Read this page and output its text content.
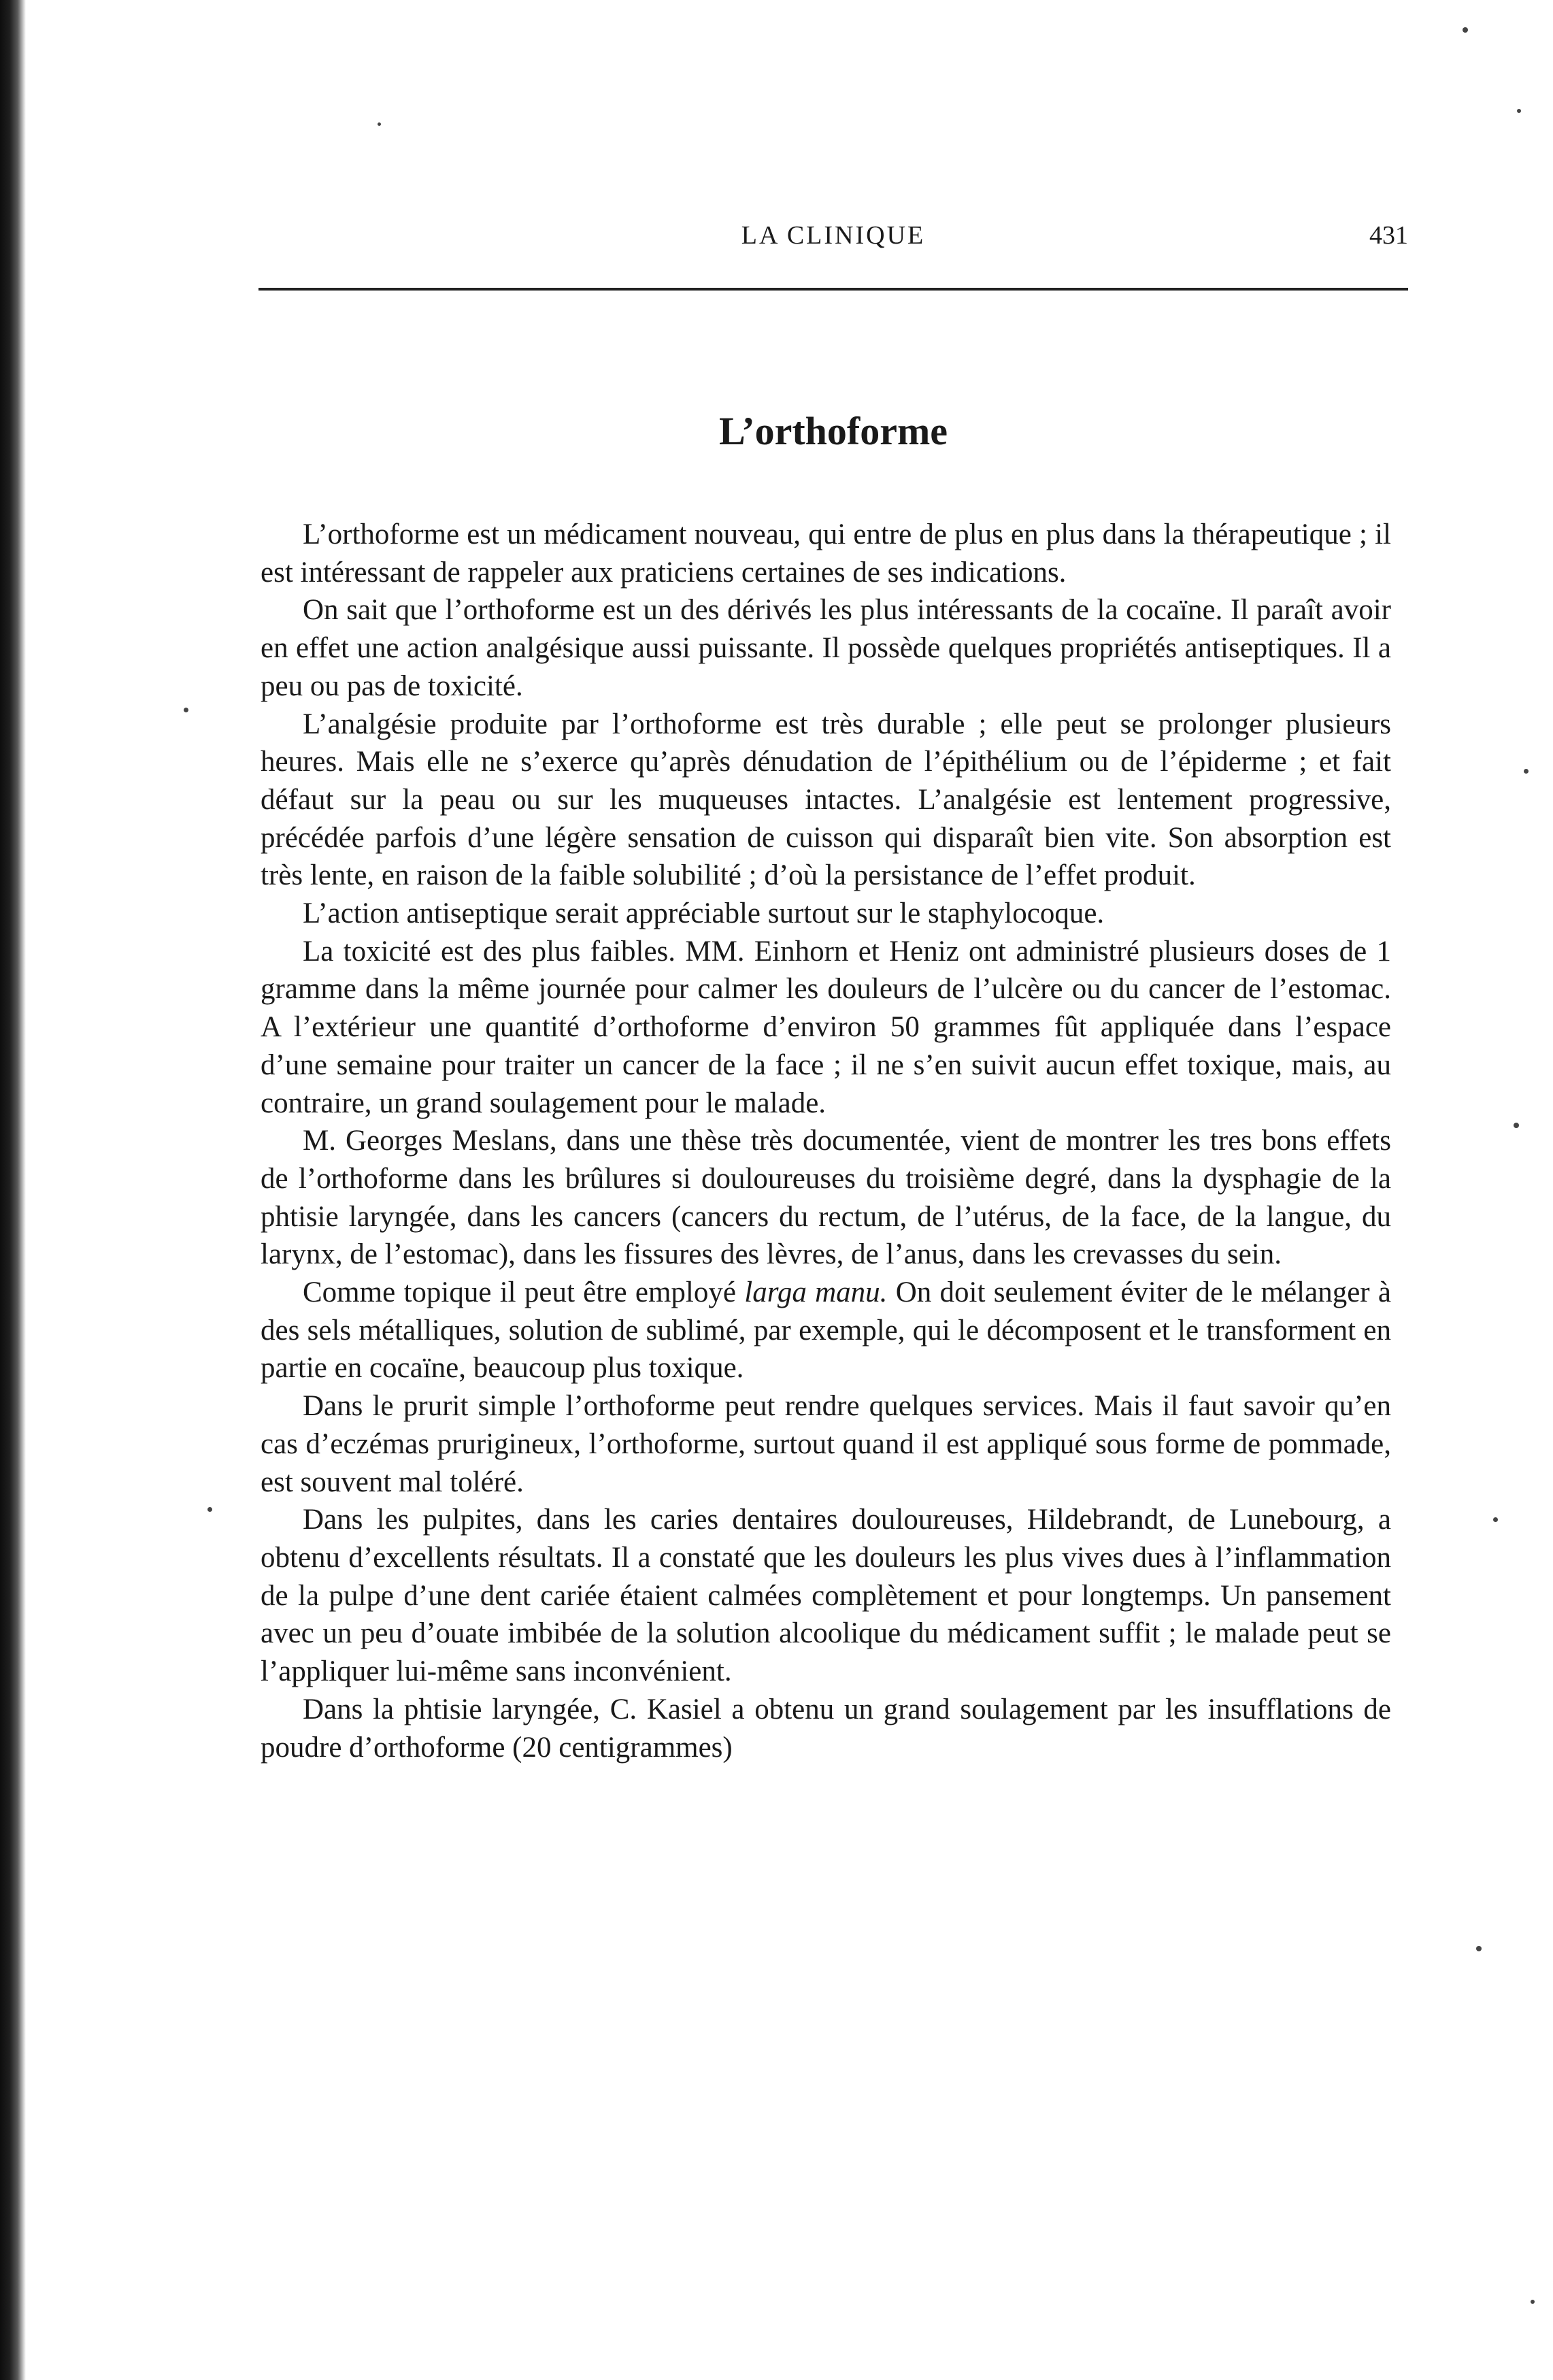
LA CLINIQUE	431
L’orthoforme

L’orthoforme est un médicament nouveau, qui entre de plus en plus dans la thérapeutique ; il est intéressant de rappeler aux praticiens certaines de ses indications.

On sait que l’orthoforme est un des dérivés les plus intéressants de la cocaïne. Il paraît avoir en effet une action analgésique aussi puissante. Il possède quelques propriétés antiseptiques. Il a peu ou pas de toxicité.

L’analgésie produite par l’orthoforme est très durable ; elle peut se prolonger plusieurs heures. Mais elle ne s’exerce qu’après dénudation de l’épithélium ou de l’épiderme ; et fait défaut sur la peau ou sur les muqueuses intactes. L’analgésie est lentement progressive, précédée parfois d’une légère sensation de cuisson qui disparaît bien vite. Son absorption est très lente, en raison de la faible solubilité ; d’où la persistance de l’effet produit.

L’action antiseptique serait appréciable surtout sur le staphylocoque.

La toxicité est des plus faibles. MM. Einhorn et Heniz ont administré plusieurs doses de 1 gramme dans la même journée pour calmer les douleurs de l’ulcère ou du cancer de l’estomac. A l’extérieur une quantité d’orthoforme d’environ 50 grammes fût appliquée dans l’espace d’une semaine pour traiter un cancer de la face ; il ne s’en suivit aucun effet toxique, mais, au contraire, un grand soulagement pour le malade.

M. Georges Meslans, dans une thèse très documentée, vient de montrer les tres bons effets de l’orthoforme dans les brûlures si douloureuses du troisième degré, dans la dysphagie de la phtisie laryngée, dans les cancers (cancers du rectum, de l’utérus, de la face, de la langue, du larynx, de l’estomac), dans les fissures des lèvres, de l’anus, dans les crevasses du sein.

Comme topique il peut être employé larga manu. On doit seulement éviter de le mélanger à des sels métalliques, solution de sublimé, par exemple, qui le décomposent et le transforment en partie en cocaïne, beaucoup plus toxique.

Dans le prurit simple l’orthoforme peut rendre quelques services. Mais il faut savoir qu’en cas d’eczémas prurigineux, l’orthoforme, surtout quand il est appliqué sous forme de pommade, est souvent mal toléré.

Dans les pulpites, dans les caries dentaires douloureuses, Hildebrandt, de Lunebourg, a obtenu d’excellents résultats. Il a constaté que les douleurs les plus vives dues à l’inflammation de la pulpe d’une dent cariée étaient calmées complètement et pour longtemps. Un pansement avec un peu d’ouate imbibée de la solution alcoolique du médicament suffit ; le malade peut se l’appliquer lui-même sans inconvénient.

Dans la phtisie laryngée, C. Kasiel a obtenu un grand soulagement par les insufflations de poudre d’orthoforme (20 centigrammes)
